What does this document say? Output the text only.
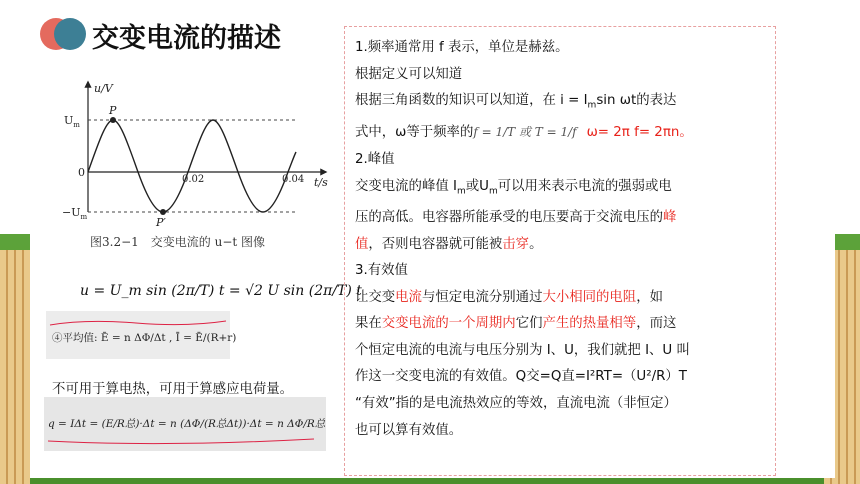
交变电流的描述
u/V
t/s
$U_m$
$-U_m$
0
0.02	0.04
P
P′
图3.2−1　交变电流的 u−t 图像
u = U_m sin (2π/T) t = √2 U sin (2π/T) t
④平均值: Ē = n ΔΦ/Δt , Ī = Ē/(R+r)
不可用于算电热，可用于算感应电荷量。
q = IΔt = (E/R总)·Δt = n (ΔΦ/(R总Δt))·Δt = n ΔΦ/R总

1.频率通常用 f 表示，单位是赫兹。

根据定义可以知道

根据三角函数的知识可以知道，在 $i = I_m\sin$ ωt的表达

式中，ω等于频率的f = 1/T 或 T = 1/f ω= 2π f= 2πn。

2.峰值

交变电流的峰值 $I_m$或$U_m$可以用来表示电流的强弱或电

压的高低。电容器所能承受的电压要高于交流电压的峰

值，否则电容器就可能被击穿。

3.有效值

让交变电流与恒定电流分别通过大小相同的电阻，如

果在交变电流的一个周期内它们产生的热量相等，而这

个恒定电流的电流与电压分别为 I、U，我们就把 I、U 叫

作这一交变电流的有效值。Q交=Q直=I²RT=（U²/R）T

“有效”指的是电流热效应的等效，直流电流（非恒定）

也可以算有效值。
